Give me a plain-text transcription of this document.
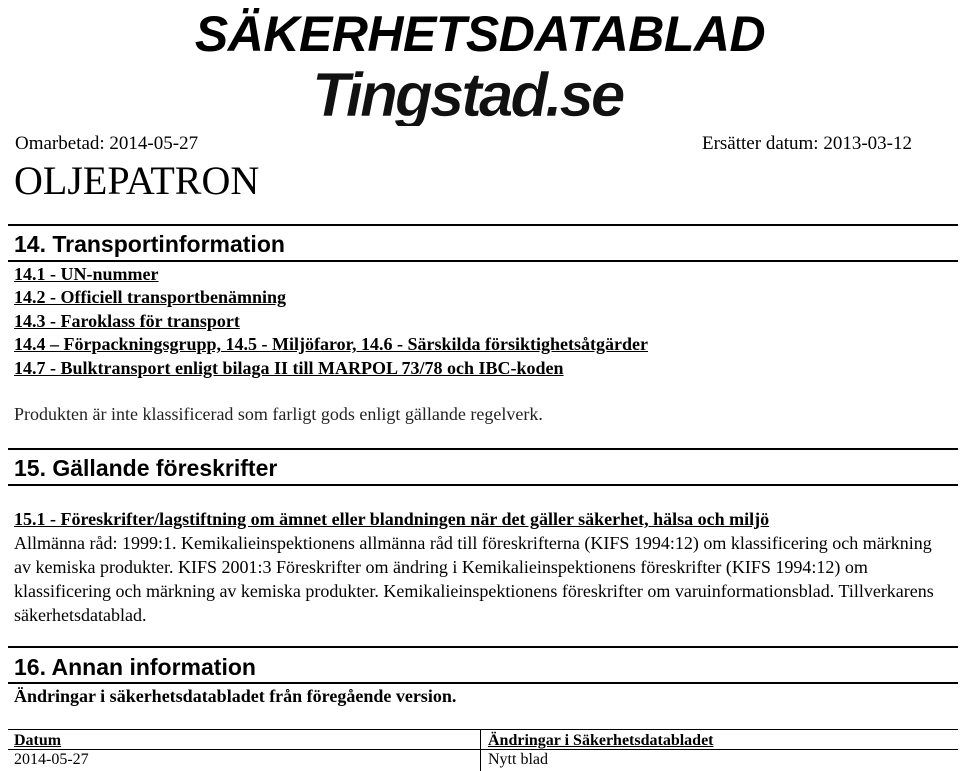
SÄKERHETSDATABLAD
Tingstad.se
Omarbetad: 2014-05-27	Ersätter datum: 2013-03-12
OLJEPATRON
14. Transportinformation
14.1 - UN-nummer
14.2 - Officiell transportbenämning
14.3 - Faroklass för transport
14.4 – Förpackningsgrupp, 14.5 - Miljöfaror, 14.6 - Särskilda försiktighetsåtgärder
14.7 - Bulktransport enligt bilaga II till MARPOL 73/78 och IBC-koden
Produkten är inte klassificerad som farligt gods enligt gällande regelverk.
15. Gällande föreskrifter
15.1 - Föreskrifter/lagstiftning om ämnet eller blandningen när det gäller säkerhet, hälsa och miljö
Allmänna råd: 1999:1. Kemikalieinspektionens allmänna råd till föreskrifterna (KIFS 1994:12) om klassificering och märkning av kemiska produkter. KIFS 2001:3 Föreskrifter om ändring i Kemikalieinspektionens föreskrifter (KIFS 1994:12) om klassificering och märkning av kemiska produkter. Kemikalieinspektionens föreskrifter om varuinformationsblad. Tillverkarens säkerhetsdatablad.
16. Annan information
Ändringar i säkerhetsdatabladet från föregående version.
Datum	Ändringar i Säkerhetsdatabladet
2014-05-27	Nytt blad
